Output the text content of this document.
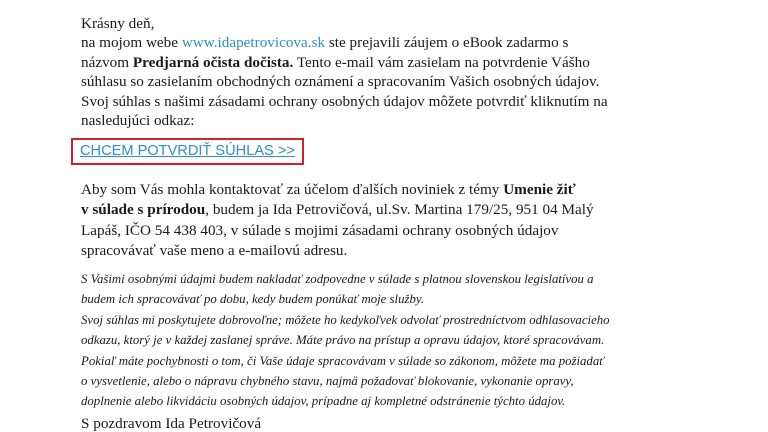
Krásny deň,
na mojom webe www.idapetrovicova.sk ste prejavili záujem o eBook zadarmo s
názvom Predjarná očista dočista. Tento e-mail vám zasielam na potvrdenie Vášho
súhlasu so zasielaním obchodných oznámení a spracovaním Vašich osobných údajov.
Svoj súhlas s našimi zásadami ochrany osobných údajov môžete potvrdiť kliknutím na
nasledujúci odkaz:

CHCEM POTVRDIŤ SÚHLAS >>
Aby som Vás mohla kontaktovať za účelom ďalších noviniek z témy Umenie žiť
v súlade s prírodou, budem ja Ida Petrovičová, ul.Sv. Martina 179/25, 951 04 Malý
Lapáš, IČO 54 438 403, v súlade s mojimi zásadami ochrany osobných údajov
spracovávať vaše meno a e-mailovú adresu.
S Vašimi osobnými údajmi budem nakladať zodpovedne v súlade s platnou slovenskou legislatívou a
budem ich spracovávať po dobu, kedy budem ponúkať moje služby.
Svoj súhlas mi poskytujete dobrovoľne; môžete ho kedykoľvek odvolať prostredníctvom odhlasovacieho
odkazu, ktorý je v každej zaslanej správe. Máte právo na prístup a opravu údajov, ktoré spracovávam.
Pokiaľ máte pochybnosti o tom, či Vaše údaje spracovávam v súlade so zákonom, môžete ma požiadať
o vysvetlenie, alebo o nápravu chybného stavu, najmä požadovať blokovanie, vykonanie opravy,
doplnenie alebo likvidáciu osobných údajov, prípadne aj kompletné odstránenie týchto údajov.
S pozdravom Ida Petrovičová
